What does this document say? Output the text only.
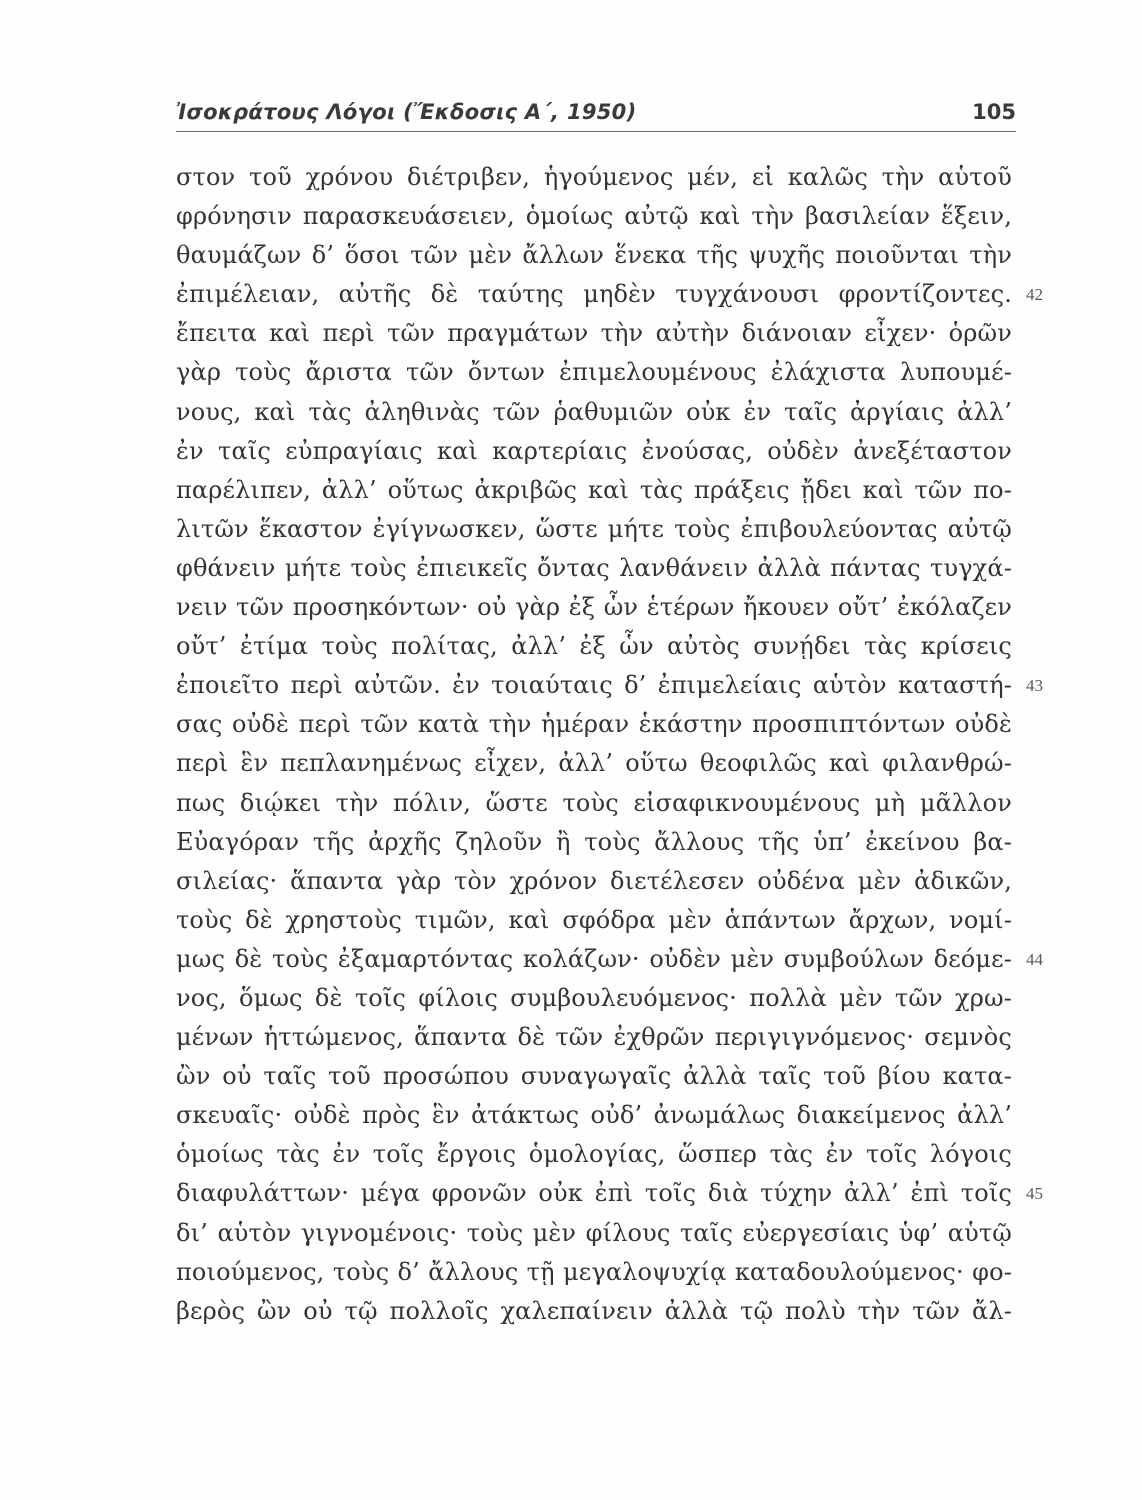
Ἰσοκράτους Λόγοι (Ἔκδοσις Α΄, 1950)	105
στον τοῦ χρόνου διέτριβεν, ἡγούμενος μέν, εἰ καλῶς τὴν αὑτοῦ
φρόνησιν παρασκευάσειεν, ὁμοίως αὐτῷ καὶ τὴν βασιλείαν ἕξειν,
θαυμάζων δ’ ὅσοι τῶν μὲν ἄλλων ἕνεκα τῆς ψυχῆς ποιοῦνται τὴν
ἐπιμέλειαν, αὐτῆς δὲ ταύτης μηδὲν τυγχάνουσι φροντίζοντες. 42
ἔπειτα καὶ περὶ τῶν πραγμάτων τὴν αὐτὴν διάνοιαν εἶχεν· ὁρῶν
γὰρ τοὺς ἄριστα τῶν ὄντων ἐπιμελουμένους ἐλάχιστα λυπουμέ-
νους, καὶ τὰς ἀληθινὰς τῶν ῥαθυμιῶν οὐκ ἐν ταῖς ἀργίαις ἀλλ’
ἐν ταῖς εὐπραγίαις καὶ καρτερίαις ἐνούσας, οὐδὲν ἀνεξέταστον
παρέλιπεν, ἀλλ’ οὕτως ἀκριβῶς καὶ τὰς πράξεις ᾔδει καὶ τῶν πο-
λιτῶν ἕκαστον ἐγίγνωσκεν, ὥστε μήτε τοὺς ἐπιβουλεύοντας αὐτῷ
φθάνειν μήτε τοὺς ἐπιεικεῖς ὄντας λανθάνειν ἀλλὰ πάντας τυγχά-
νειν τῶν προσηκόντων· οὐ γὰρ ἐξ ὧν ἑτέρων ἤκουεν οὔτ’ ἐκόλαζεν
οὔτ’ ἐτίμα τοὺς πολίτας, ἀλλ’ ἐξ ὧν αὐτὸς συνῄδει τὰς κρίσεις
ἐποιεῖτο περὶ αὐτῶν. ἐν τοιαύταις δ’ ἐπιμελείαις αὑτὸν καταστή- 43
σας οὐδὲ περὶ τῶν κατὰ τὴν ἡμέραν ἑκάστην προσπιπτόντων οὐδὲ
περὶ ἓν πεπλανημένως εἶχεν, ἀλλ’ οὕτω θεοφιλῶς καὶ φιλανθρώ-
πως διῴκει τὴν πόλιν, ὥστε τοὺς εἰσαφικνουμένους μὴ μᾶλλον
Εὐαγόραν τῆς ἀρχῆς ζηλοῦν ἢ τοὺς ἄλλους τῆς ὑπ’ ἐκείνου βα-
σιλείας· ἅπαντα γὰρ τὸν χρόνον διετέλεσεν οὐδένα μὲν ἀδικῶν,
τοὺς δὲ χρηστοὺς τιμῶν, καὶ σφόδρα μὲν ἁπάντων ἄρχων, νομί-
μως δὲ τοὺς ἐξαμαρτόντας κολάζων· οὐδὲν μὲν συμβούλων δεόμε- 44
νος, ὅμως δὲ τοῖς φίλοις συμβουλευόμενος· πολλὰ μὲν τῶν χρω-
μένων ἡττώμενος, ἅπαντα δὲ τῶν ἐχθρῶν περιγιγνόμενος· σεμνὸς
ὢν οὐ ταῖς τοῦ προσώπου συναγωγαῖς ἀλλὰ ταῖς τοῦ βίου κατα-
σκευαῖς· οὐδὲ πρὸς ἓν ἀτάκτως οὐδ’ ἀνωμάλως διακείμενος ἀλλ’
ὁμοίως τὰς ἐν τοῖς ἔργοις ὁμολογίας, ὥσπερ τὰς ἐν τοῖς λόγοις
διαφυλάττων· μέγα φρονῶν οὐκ ἐπὶ τοῖς διὰ τύχην ἀλλ’ ἐπὶ τοῖς 45
δι’ αὑτὸν γιγνομένοις· τοὺς μὲν φίλους ταῖς εὐεργεσίαις ὑφ’ αὑτῷ
ποιούμενος, τοὺς δ’ ἄλλους τῇ μεγαλοψυχίᾳ καταδουλούμενος· φο-
βερὸς ὢν οὐ τῷ πολλοῖς χαλεπαίνειν ἀλλὰ τῷ πολὺ τὴν τῶν ἄλ-
